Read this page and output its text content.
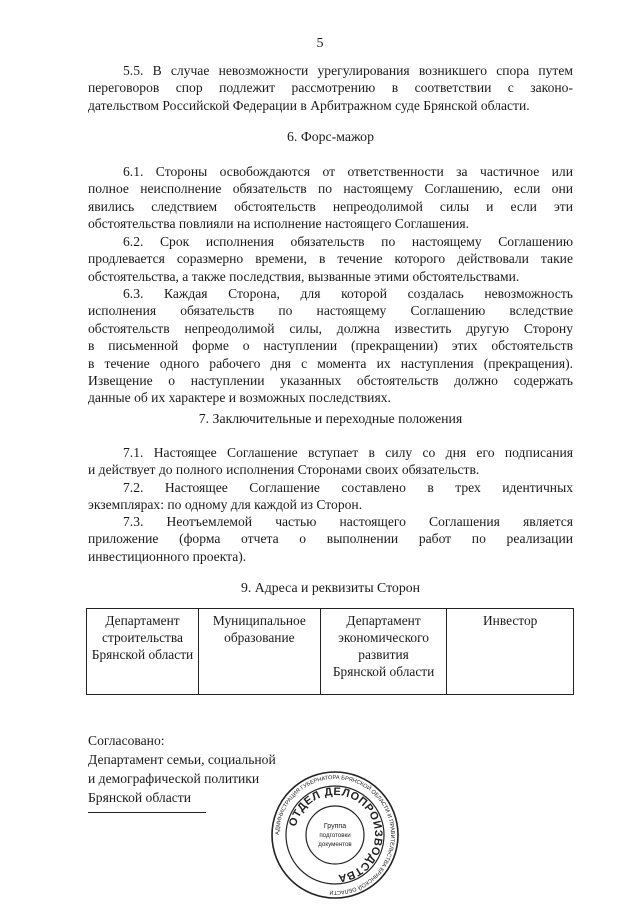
5
5.5. В случае невозможности урегулирования возникшего спора путем
переговоров спор подлежит рассмотрению в соответствии с законо-
дательством Российской Федерации в Арбитражном суде Брянской области.
6. Форс-мажор
6.1. Стороны освобождаются от ответственности за частичное или
полное неисполнение обязательств по настоящему Соглашению, если они
явились следствием обстоятельств непреодолимой силы и если эти
обстоятельства повлияли на исполнение настоящего Соглашения.
6.2. Срок исполнения обязательств по настоящему Соглашению
продлевается соразмерно времени, в течение которого действовали такие
обстоятельства, а также последствия, вызванные этими обстоятельствами.
6.3. Каждая Сторона, для которой создалась невозможность
исполнения обязательств по настоящему Соглашению вследствие
обстоятельств непреодолимой силы, должна известить другую Сторону
в письменной форме о наступлении (прекращении) этих обстоятельств
в течение одного рабочего дня с момента их наступления (прекращения).
Извещение о наступлении указанных обстоятельств должно содержать
данные об их характере и возможных последствиях.
7. Заключительные и переходные положения
7.1. Настоящее Соглашение вступает в силу со дня его подписания
и действует до полного исполнения Сторонами своих обязательств.
7.2. Настоящее Соглашение составлено в трех идентичных
экземплярах: по одному для каждой из Сторон.
7.3. Неотъемлемой частью настоящего Соглашения является
приложение (форма отчета о выполнении работ по реализации
инвестиционного проекта).
9. Адреса и реквизиты Сторон
Департамент
строительства
Брянской области

Муниципальное
образование

Департамент
экономического
развития
Брянской области

Инвестор
Согласовано:
Департамент семьи, социальной
и демографической политики
Брянской области
АДМИНИСТРАЦИЯ ГУБЕРНАТОРА БРЯНСКОЙ ОБЛАСТИ И ПРАВИТЕЛЬСТВА БРЯНСКОЙ ОБЛАСТИ
ОТДЕЛ ДЕЛОПРОИЗВОДСТВА
Группа
подготовки
документов
